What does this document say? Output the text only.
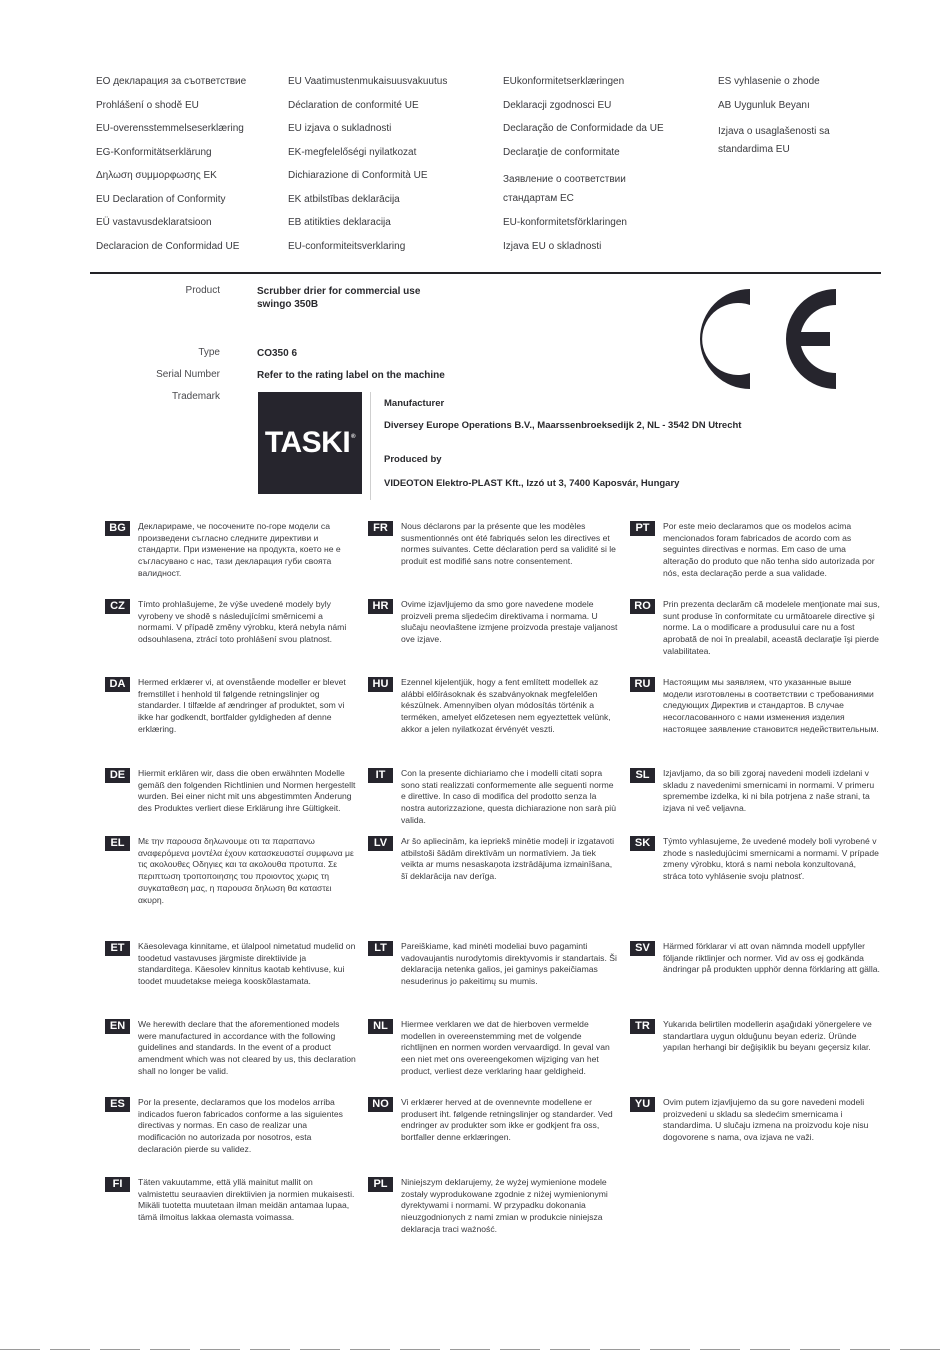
ЕО декларация за съответствие
Prohlášení o shodě EU
EU-overensstemmelseserklæring
EG-Konformitätserklärung
Δηλωση συμμορφωσης ΕΚ
EU Declaration of Conformity
EÜ vastavusdeklaratsioon
Declaracion de Conformidad UE
EU Vaatimustenmukaisuusvakuutus
Déclaration de conformité UE
EU izjava o sukladnosti
EK-megfelelőségi nyilatkozat
Dichiarazione di Conformità UE
EK atbilstības deklarācija
EB atitikties deklaracija
EU-conformiteitsverklaring
EUkonformitetserklæringen
Deklaracji zgodnosci EU
Declaração de Conformidade da UE
Declaraţie de conformitate
Заявление о соответствии стандартам ЕС
EU-konformitetsförklaringen
Izjava EU o skladnosti
ES vyhlasenie o zhode
AB Uygunluk Beyanı
Izjava o usaglašenosti sa standardima EU
Product	Scrubber drier for commercial use
swingo 350B
Type	CO350 6
Serial Number	Refer to the rating label on the machine
Trademark
TASKI®
Manufacturer
Diversey Europe Operations B.V., Maarssenbroeksedijk 2, NL - 3542 DN Utrecht
Produced by
VIDEOTON Elektro-PLAST Kft., Izzó ut 3, 7400 Kaposvár, Hungary
BG	Декларираме, че посочените по-горе модели са произведени съгласно следните директиви и стандарти. При изменение на продукта, което не е съгласувано с нас, тази декларация губи своята валидност.
CZ	Tímto prohlašujeme, že výše uvedené modely byly vyrobeny ve shodě s následujícími směrnicemi a normami. V případě změny výrobku, která nebyla námi odsouhlasena, ztrácí toto prohlášení svou platnost.
DA	Hermed erklærer vi, at ovenstående modeller er blevet fremstillet i henhold til følgende retningslinjer og standarder. I tilfælde af ændringer af produktet, som vi ikke har godkendt, bortfalder gyldigheden af denne erklæring.
DE	Hiermit erklären wir, dass die oben erwähnten Modelle gemäß den folgenden Richtlinien und Normen hergestellt wurden. Bei einer nicht mit uns abgestimmten Änderung des Produktes verliert diese Erklärung ihre Gültigkeit.
EL	Με την παρουσα δηλωνουμε οτι τα παραπανω αναφερόμενα μοντέλα έχουν κατασκευαστεί συμφωνα με τις ακολουθες Οδηγιες και τα ακολουθα προτυπα. Σε περιπτωση τροποποιησης του προιοντος χωρις τη συγκαταθεση μας, η παρουσα δηλωση θα καταστει ακυρη.
ET	Käesolevaga kinnitame, et ülalpool nimetatud mudelid on toodetud vastavuses järgmiste direktiivide ja standarditega. Käesolev kinnitus kaotab kehtivuse, kui toodet muudetakse meiega kooskõlastamata.
EN	We herewith declare that the aforementioned models were manufactured in accordance with the following guidelines and standards. In the event of a product amendment which was not cleared by us, this declaration shall no longer be valid.
ES	Por la presente, declaramos que los modelos arriba indicados fueron fabricados conforme a las siguientes directivas y normas. En caso de realizar una modificación no autorizada por nosotros, esta declaración pierde su validez.
FI	Täten vakuutamme, että yllä mainitut mallit on valmistettu seuraavien direktiivien ja normien mukaisesti. Mikäli tuotetta muutetaan ilman meidän antamaa lupaa, tämä ilmoitus lakkaa olemasta voimassa.
FR	Nous déclarons par la présente que les modèles susmentionnés ont été fabriqués selon les directives et normes suivantes. Cette déclaration perd sa validité si le produit est modifié sans notre consentement.
HR	Ovime izjavljujemo da smo gore navedene modele proizveli prema sljedećim direktivama i normama. U slučaju neovlaštene izmjene proizvoda prestaje valjanost ove izjave.
HU	Ezennel kijelentjük, hogy a fent említett modellek az alábbi előírásoknak és szabványoknak megfelelően készülnek. Amennyiben olyan módosítás történik a terméken, amelyet előzetesen nem egyeztettek velünk, akkor a jelen nyilatkozat érvényét veszti.
IT	Con la presente dichiariamo che i modelli citati sopra sono stati realizzati conformemente alle seguenti norme e direttive. In caso di modifica del prodotto senza la nostra autorizzazione, questa dichiarazione non sarà più valida.
LV	Ar šo apliecinām, ka iepriekš minētie modeļi ir izgatavoti atbilstoši šādām direktīvām un normatīviem. Ja tiek veikta ar mums nesaskaņota izstrādājuma izmainīšana, šī deklarācija nav derīga.
LT	Pareiškiame, kad minėti modeliai buvo pagaminti vadovaujantis nurodytomis direktyvomis ir standartais. Ši deklaracija netenka galios, jei gaminys pakeičiamas nesuderinus jo pakeitimų su mumis.
NL	Hiermee verklaren we dat de hierboven vermelde modellen in overeenstemming met de volgende richtlijnen en normen worden vervaardigd. In geval van een niet met ons overeengekomen wijziging van het product, verliest deze verklaring haar geldigheid.
NO	Vi erklærer herved at de ovennevnte modellene er produsert iht. følgende retningslinjer og standarder. Ved endringer av produkter som ikke er godkjent fra oss, bortfaller denne erklæringen.
PL	Niniejszym deklarujemy, że wyżej wymienione modele zostały wyprodukowane zgodnie z niżej wymienionymi dyrektywami i normami. W przypadku dokonania nieuzgodnionych z nami zmian w produkcie niniejsza deklaracja traci ważność.
PT	Por este meio declaramos que os modelos acima mencionados foram fabricados de acordo com as seguintes directivas e normas. Em caso de uma alteração do produto que não tenha sido autorizada por nós, esta declaração perde a sua validade.
RO	Prin prezenta declarăm că modelele menţionate mai sus, sunt produse în conformitate cu următoarele directive şi norme. La o modificare a produsului care nu a fost aprobată de noi în prealabil, această declaraţie îşi pierde valabilitatea.
RU	Настоящим мы заявляем, что указанные выше модели изготовлены в соответствии с требованиями следующих Директив и стандартов. В случае несогласованного с нами изменения изделия настоящее заявление становится недействительным.
SL	Izjavljamo, da so bili zgoraj navedeni modeli izdelani v skladu z navedenimi smernicami in normami. V primeru spremembe izdelka, ki ni bila potrjena z naše strani, ta izjava ni več veljavna.
SK	Týmto vyhlasujeme, že uvedené modely boli vyrobené v zhode s nasledujúcimi smernicami a normami. V prípade zmeny výrobku, ktorá s nami nebola konzultovaná, stráca toto vyhlásenie svoju platnosť.
SV	Härmed förklarar vi att ovan nämnda modell uppfyller följande riktlinjer och normer. Vid av oss ej godkända ändringar på produkten upphör denna förklaring att gälla.
TR	Yukarıda belirtilen modellerin aşağıdaki yönergelere ve standartlara uygun olduğunu beyan ederiz. Üründe yapılan herhangi bir değişiklik bu beyanı geçersiz kılar.
YU	Ovim putem izjavljujemo da su gore navedeni modeli proizvedeni u skladu sa sledećim smernicama i standardima. U slučaju izmena na proizvodu koje nisu dogovorene s nama, ova izjava ne važi.
